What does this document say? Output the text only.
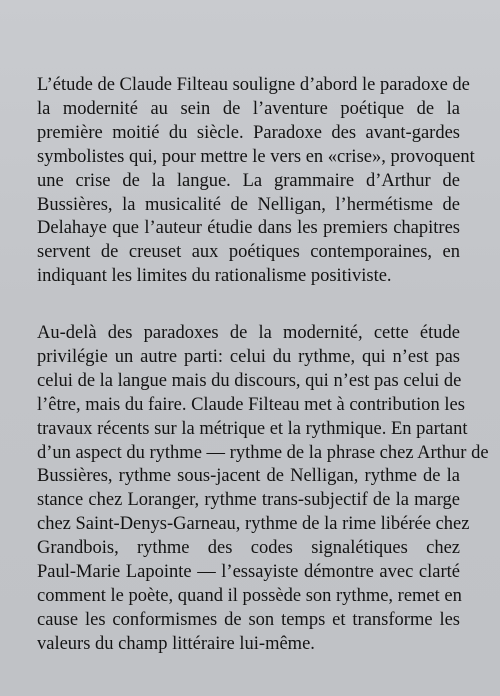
L’étude de Claude Filteau souligne d’abord le paradoxe de
la modernité au sein de l’aventure poétique de la
première moitié du siècle. Paradoxe des avant-gardes
symbolistes qui, pour mettre le vers en «crise», provoquent
une crise de la langue. La grammaire d’Arthur de
Bussières, la musicalité de Nelligan, l’hermétisme de
Delahaye que l’auteur étudie dans les premiers chapitres
servent de creuset aux poétiques contemporaines, en
indiquant les limites du rationalisme positiviste.

Au-delà des paradoxes de la modernité, cette étude
privilégie un autre parti: celui du rythme, qui n’est pas
celui de la langue mais du discours, qui n’est pas celui de
l’être, mais du faire. Claude Filteau met à contribution les
travaux récents sur la métrique et la rythmique. En partant
d’un aspect du rythme — rythme de la phrase chez Arthur de
Bussières, rythme sous-jacent de Nelligan, rythme de la
stance chez Loranger, rythme trans-subjectif de la marge
chez Saint-Denys-Garneau, rythme de la rime libérée chez
Grandbois, rythme des codes signalétiques chez
Paul-Marie Lapointe — l’essayiste démontre avec clarté
comment le poète, quand il possède son rythme, remet en
cause les conformismes de son temps et transforme les
valeurs du champ littéraire lui-même.
